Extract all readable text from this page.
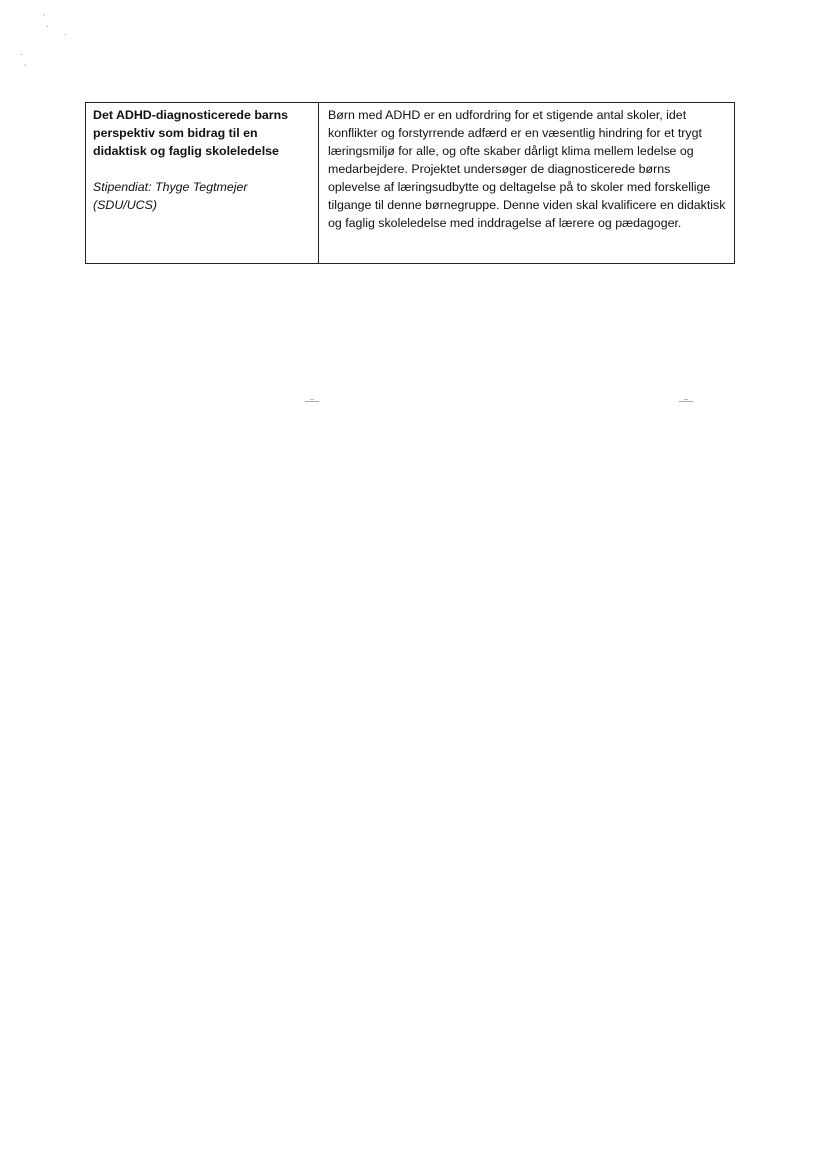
‘
·
·
·
‚

Det ADHD-diagnosticerede barns perspektiv som bidrag til en didaktisk og faglig skoleledelse

Stipendiat: Thyge Tegtmejer
(SDU/UCS)

Børn med ADHD er en udfordring for et stigende antal skoler, idet konflikter og forstyrrende adfærd er en væsentlig hindring for et trygt læringsmiljø for alle, og ofte skaber dårligt klima mellem ledelse og medarbejdere. Projektet undersøger de diagnosticerede børns oplevelse af læringsudbytte og deltagelse på to skoler med forskellige tilgange til denne børnegruppe. Denne viden skal kvalificere en didaktisk og faglig skoleledelse med inddragelse af lærere og pædagoger.
